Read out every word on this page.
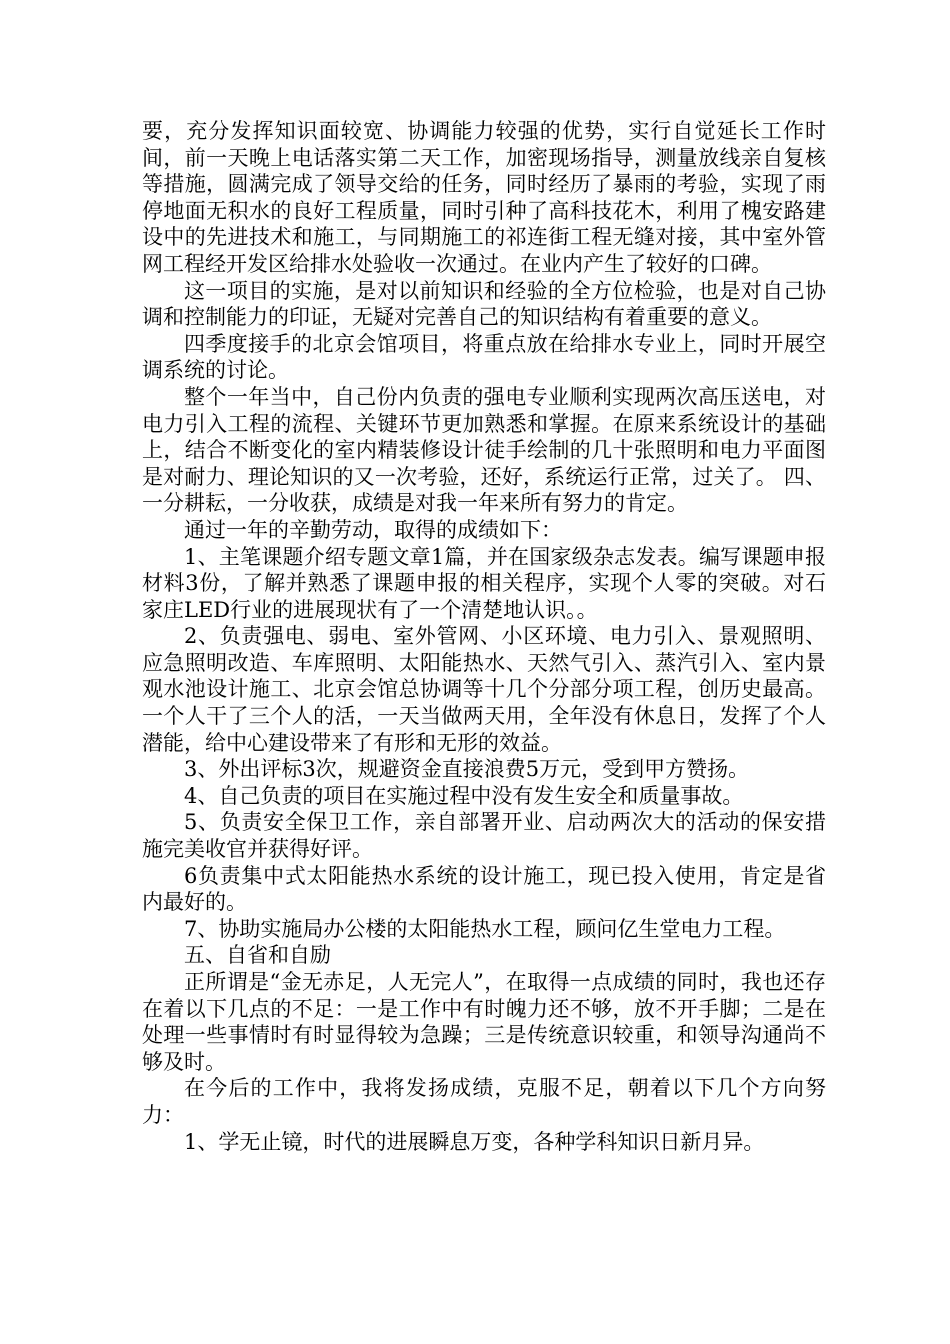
要，充分发挥知识面较宽、协调能力较强的优势，实行自觉延长工作时间，前一天晚上电话落实第二天工作，加密现场指导，测量放线亲自复核等措施，圆满完成了领导交给的任务，同时经历了暴雨的考验，实现了雨停地面无积水的良好工程质量，同时引种了高科技花木，利用了槐安路建设中的先进技术和施工，与同期施工的祁连街工程无缝对接，其中室外管网工程经开发区给排水处验收一次通过。在业内产生了较好的口碑。

这一项目的实施，是对以前知识和经验的全方位检验，也是对自己协调和控制能力的印证，无疑对完善自己的知识结构有着重要的意义。

四季度接手的北京会馆项目，将重点放在给排水专业上，同时开展空调系统的讨论。

整个一年当中，自己份内负责的强电专业顺利实现两次高压送电，对电力引入工程的流程、关键环节更加熟悉和掌握。在原来系统设计的基础上，结合不断变化的室内精装修设计徒手绘制的几十张照明和电力平面图是对耐力、理论知识的又一次考验，还好，系统运行正常，过关了。 四、一分耕耘，一分收获，成绩是对我一年来所有努力的肯定。

通过一年的辛勤劳动，取得的成绩如下：

1、主笔课题介绍专题文章1篇，并在国家级杂志发表。编写课题申报材料3份，了解并熟悉了课题申报的相关程序，实现个人零的突破。对石家庄LED行业的进展现状有了一个清楚地认识。。

2、负责强电、弱电、室外管网、小区环境、电力引入、景观照明、应急照明改造、车库照明、太阳能热水、天然气引入、蒸汽引入、室内景观水池设计施工、北京会馆总协调等十几个分部分项工程，创历史最高。一个人干了三个人的活，一天当做两天用，全年没有休息日，发挥了个人潜能，给中心建设带来了有形和无形的效益。

3、外出评标3次，规避资金直接浪费5万元，受到甲方赞扬。

4、自己负责的项目在实施过程中没有发生安全和质量事故。

5、负责安全保卫工作，亲自部署开业、启动两次大的活动的保安措施完美收官并获得好评。

6负责集中式太阳能热水系统的设计施工，现已投入使用，肯定是省内最好的。

7、协助实施局办公楼的太阳能热水工程，顾问亿生堂电力工程。

五、自省和自励

正所谓是“金无赤足，人无完人”，在取得一点成绩的同时，我也还存在着以下几点的不足：一是工作中有时魄力还不够，放不开手脚；二是在处理一些事情时有时显得较为急躁；三是传统意识较重，和领导沟通尚不够及时。

在今后的工作中，我将发扬成绩，克服不足，朝着以下几个方向努力：

1、学无止镜，时代的进展瞬息万变，各种学科知识日新月异。
